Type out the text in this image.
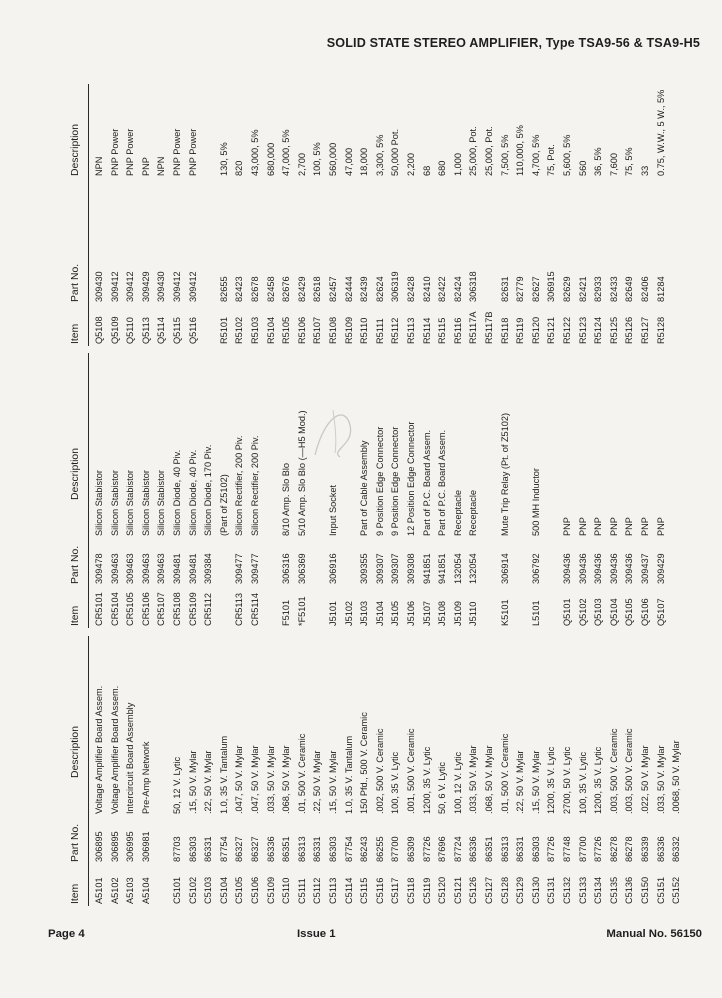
SOLID STATE STEREO AMPLIFIER, Type TSA9-56 & TSA9-H5
Item
Part No.
Description
A5101
306895
Voltage Amplifier Board Assem.
A5102
306895
Voltage Amplifier Board Assem.
A5103
306995
Intercircuit Board Assembly
A5104
306981
Pre-Amp Network
C5101
87703
50, 12 V. Lytic
C5102
86303
.15, 50 V. Mylar
C5103
86331
.22, 50 V. Mylar
C5104
87754
1.0, 35 V. Tantalum
C5105
86327
.047, 50 V. Mylar
C5106
86327
.047, 50 V. Mylar
C5109
86336
.033, 50 V. Mylar
C5110
86351
.068, 50 V. Mylar
C5111
86313
.01, 500 V. Ceramic
C5112
86331
.22, 50 V. Mylar
C5113
86303
.15, 50 V. Mylar
C5114
87754
1.0, 35 V. Tantalum
C5115
86243
150 Pfd., 500 V. Ceramic
C5116
86255
.002, 500 V. Ceramic
C5117
87700
100, 35 V. Lytic
C5118
86309
.001, 500 V. Ceramic
C5119
87726
1200, 35 V. Lytic
C5120
87696
50, 6 V. Lytic
C5121
87724
100, 12 V. Lytic
C5126
86336
.033, 50 V. Mylar
C5127
86351
.068, 50 V. Mylar
C5128
86313
.01, 500 V. Ceramic
C5129
86331
.22, 50 V. Mylar
C5130
86303
.15, 50 V. Mylar
C5131
87726
1200, 35 V. Lytic
C5132
87748
2700, 50 V. Lytic
C5133
87700
100, 35 V. Lytic
C5134
87726
1200, 35 V. Lytic
C5135
86278
.003, 500 V. Ceramic
C5136
86278
.003, 500 V. Ceramic
C5150
86339
.022, 50 V. Mylar
C5151
86336
.033, 50 V. Mylar
C5152
86332
.0068, 50 V. Mylar
Item
Part No.
Description
CR5101
309478
Silicon Stabistor
CR5104
309463
Silicon Stabistor
CR5105
309463
Silicon Stabistor
CR5106
309463
Silicon Stabistor
CR5107
309463
Silicon Stabistor
CR5108
309481
Silicon Diode, 40 Piv.
CR5109
309481
Silicon Diode, 40 Piv.
CR5112
309384
Silicon Diode, 170 Piv. (Part of Z5102)
CR5113
309477
Silicon Rectifier, 200 Piv.
CR5114
309477
Silicon Rectifier, 200 Piv.
F5101
306316
8/10 Amp. Slo Blo
*F5101
306369
5/10 Amp. Slo Blo (—H5 Mod.)
J5101
306916
Input Socket
J5102 J5103
309355
Part of Cable Assembly
J5104
309307
9 Position Edge Connector
J5105
309307
9 Position Edge Connector
J5106
309308
12 Position Edge Connector
J5107
941851
Part of P.C. Board Assem.
J5108
941851
Part of P.C. Board Assem.
J5109
132054
Receptacle
J5110
132054
Receptacle
K5101
306914
Mute Trip Relay (Pt. of Z5102)
L5101
306792
500 MH Inductor
Q5101
309436
PNP
Q5102
309436
PNP
Q5103
309436
PNP
Q5104
309436
PNP
Q5105
309436
PNP
Q5106
309437
PNP
Q5107
309429
PNP
Item
Part No.
Description
Q5108
309430
NPN
Q5109
309412
PNP Power
Q5110
309412
PNP Power
Q5113
309429
PNP
Q5114
309430
NPN
Q5115
309412
PNP Power
Q5116
309412
PNP Power
R5101
82655
130, 5%
R5102
82423
820
R5103
82678
43,000, 5%
R5104
82458
680,000
R5105
82676
47,000, 5%
R5106
82429
2,700
R5107
82618
100, 5%
R5108
82457
560,000
R5109
82444
47,000
R5110
82439
18,000
R5111
82624
3,300, 5%
R5112
306319
50,000 Pot.
R5113
82428
2,200
R5114
82410
68
R5115
82422
680
R5116
82424
1,000
R5117A
306318
25,000, Pot.
R5117B
25,000, Pot.
R5118
82631
7,500, 5%
R5119
82779
110,000, 5%
R5120
82627
4,700, 5%
R5121
306915
75, Pot.
R5122
82629
5,600, 5%
R5123
82421
560
R5124
82933
36, 5%
R5125
82433
7,600
R5126
82649
75, 5%
R5127
82406
33
R5128
81284
0.75, W.W., 5 W., 5%
Page 4	Issue 1	Manual No. 56150
